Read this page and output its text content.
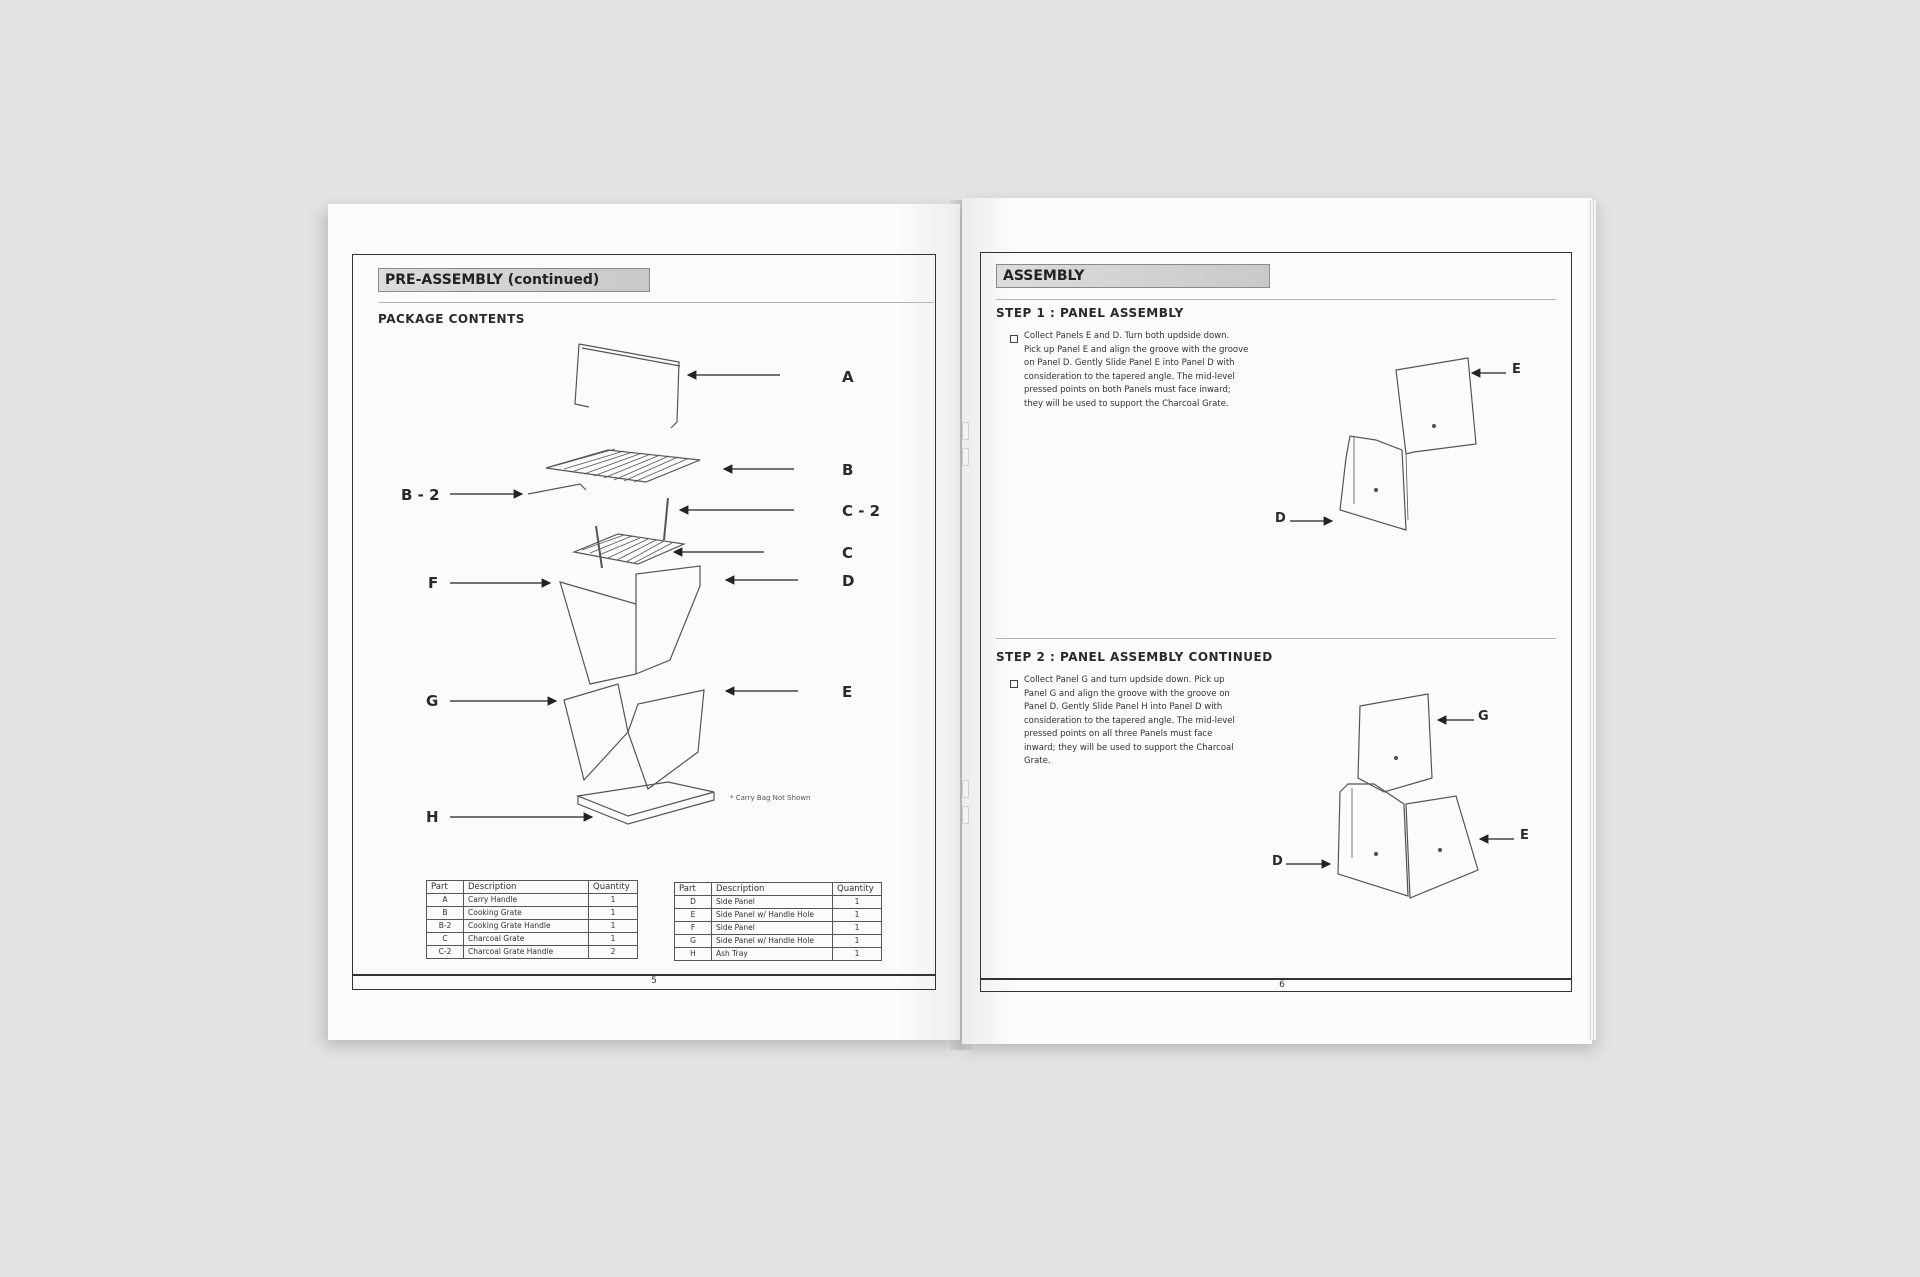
PRE-ASSEMBLY (continued)
PACKAGE CONTENTS
A
B
B - 2
C - 2
C
D
F
E
G
H
* Carry Bag Not Shown
Part	Description	Quantity
A	Carry Handle	1
B	Cooking Grate	1
B-2	Cooking Grate Handle	1
C	Charcoal Grate	1
C-2	Charcoal Grate Handle	2
Part	Description	Quantity
D	Side Panel	1
E	Side Panel w/ Handle Hole	1
F	Side Panel	1
G	Side Panel w/ Handle Hole	1
H	Ash Tray	1
5
ASSEMBLY
STEP 1 : PANEL ASSEMBLY
Collect Panels E and D. Turn both updside down.
Pick up Panel E and align the groove with the groove
on Panel D. Gently Slide Panel E into Panel D with
consideration to the tapered angle. The mid-level
pressed points on both Panels must face inward;
they will be used to support the Charcoal Grate.
E
D
STEP 2 : PANEL ASSEMBLY CONTINUED
Collect Panel G and turn updside down. Pick up
Panel G and align the groove with the groove on
Panel D. Gently Slide Panel H into Panel D with
consideration to the tapered angle. The mid-level
pressed points on all three Panels must face
inward; they will be used to support the Charcoal
Grate.
G
E
D
6
